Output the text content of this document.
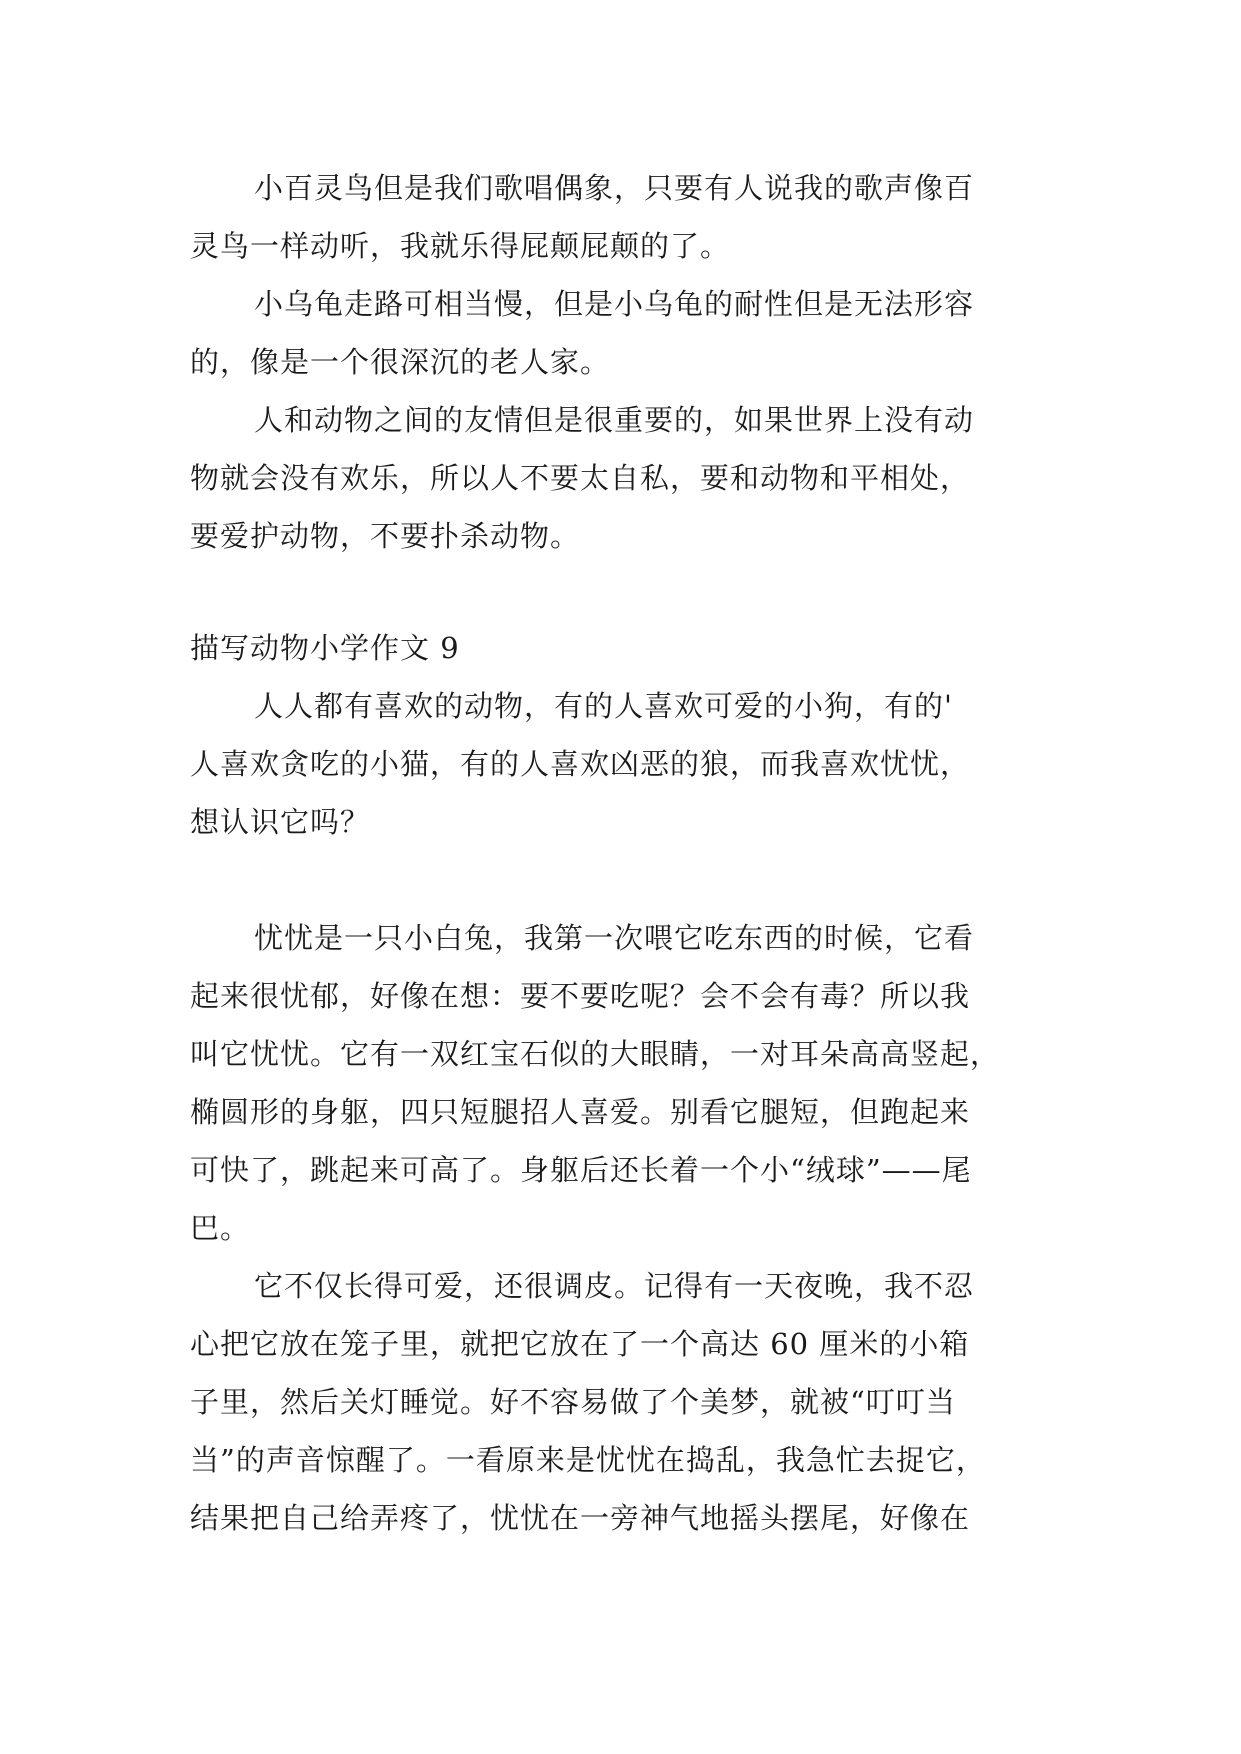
小百灵鸟但是我们歌唱偶象，只要有人说我的歌声像百
灵鸟一样动听，我就乐得屁颠屁颠的了。
小乌龟走路可相当慢，但是小乌龟的耐性但是无法形容
的，像是一个很深沉的老人家。
人和动物之间的友情但是很重要的，如果世界上没有动
物就会没有欢乐，所以人不要太自私，要和动物和平相处，
要爱护动物，不要扑杀动物。
描写动物小学作文 9
人人都有喜欢的动物，有的人喜欢可爱的小狗，有的'
人喜欢贪吃的小猫，有的人喜欢凶恶的狼，而我喜欢忧忧，
想认识它吗？
忧忧是一只小白兔，我第一次喂它吃东西的时候，它看
起来很忧郁，好像在想：要不要吃呢？会不会有毒？所以我
叫它忧忧。它有一双红宝石似的大眼睛，一对耳朵高高竖起，
椭圆形的身躯，四只短腿招人喜爱。别看它腿短，但跑起来
可快了，跳起来可高了。身躯后还长着一个小“绒球”——尾
巴。
它不仅长得可爱，还很调皮。记得有一天夜晚，我不忍
心把它放在笼子里，就把它放在了一个高达 60 厘米的小箱
子里，然后关灯睡觉。好不容易做了个美梦，就被“叮叮当
当”的声音惊醒了。一看原来是忧忧在捣乱，我急忙去捉它，
结果把自己给弄疼了，忧忧在一旁神气地摇头摆尾，好像在
